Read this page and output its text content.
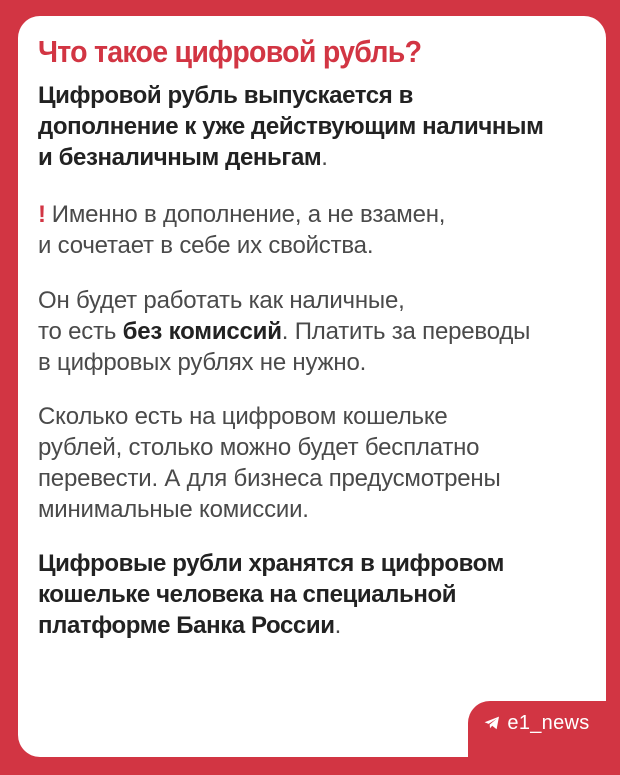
Что такое цифровой рубль?

Цифровой рубль выпускается в
дополнение к уже действующим наличным
и безналичным деньгам.

! Именно в дополнение, а не взамен,
и сочетает в себе их свойства.

Он будет работать как наличные,
то есть без комиссий. Платить за переводы
в цифровых рублях не нужно.

Сколько есть на цифровом кошельке
рублей, столько можно будет бесплатно
перевести. А для бизнеса предусмотрены
минимальные комиссии.

Цифровые рубли хранятся в цифровом
кошельке человека на специальной
платформе Банка России.

e1_news
